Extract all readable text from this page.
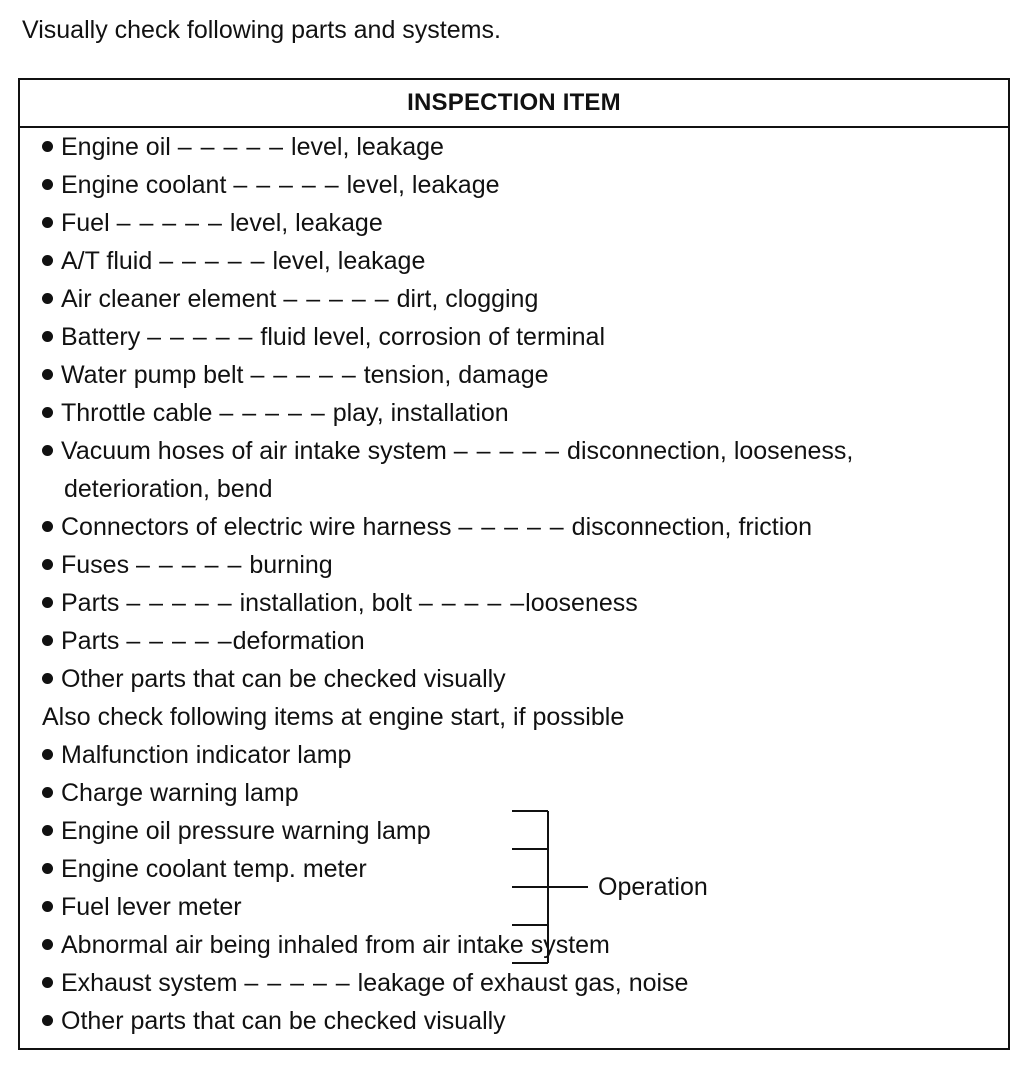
Visually check following parts and systems.
INSPECTION ITEM
Engine oil – – – – – level, leakage
Engine coolant – – – – – level, leakage
Fuel – – – – – level, leakage
A/T fluid – – – – – level, leakage
Air cleaner element – – – – – dirt, clogging
Battery – – – – – fluid level, corrosion of terminal
Water pump belt – – – – – tension, damage
Throttle cable – – – – – play, installation
Vacuum hoses of air intake system – – – – – disconnection, looseness,
deterioration, bend
Connectors of electric wire harness – – – – – disconnection, friction
Fuses – – – – – burning
Parts – – – – – installation, bolt – – – – –looseness
Parts – – – – –deformation
Other parts that can be checked visually
Also check following items at engine start, if possible
Malfunction indicator lamp
Charge warning lamp
Engine oil pressure warning lamp
Engine coolant temp. meter
Fuel lever meter
Operation
Abnormal air being inhaled from air intake system
Exhaust system – – – – – leakage of exhaust gas, noise
Other parts that can be checked visually
